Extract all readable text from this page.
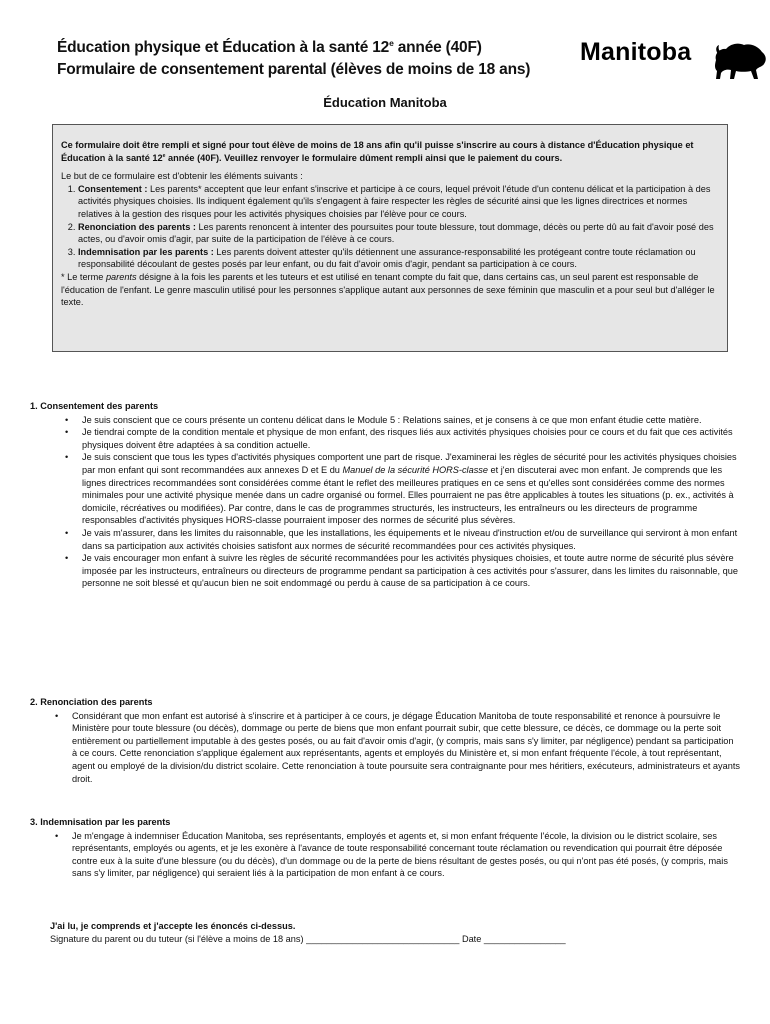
Éducation physique et Éducation à la santé 12e année (40F)
Formulaire de consentement parental (élèves de moins de 18 ans)
Manitoba
Éducation Manitoba
Ce formulaire doit être rempli et signé pour tout élève de moins de 18 ans afin qu'il puisse s'inscrire au cours à distance d'Éducation physique et Éducation à la santé 12e année (40F). Veuillez renvoyer le formulaire dûment rempli ainsi que le paiement du cours.
Le but de ce formulaire est d'obtenir les éléments suivants :
1. Consentement : Les parents* acceptent que leur enfant s'inscrive et participe à ce cours, lequel prévoit l'étude d'un contenu délicat et la participation à des activités physiques choisies. Ils indiquent également qu'ils s'engagent à faire respecter les règles de sécurité ainsi que les lignes directrices et normes relatives à la gestion des risques pour les activités physiques choisies par l'élève pour ce cours.
2. Renonciation des parents : Les parents renoncent à intenter des poursuites pour toute blessure, tout dommage, décès ou perte dû au fait d'avoir posé des actes, ou d'avoir omis d'agir, par suite de la participation de l'élève à ce cours.
3. Indemnisation par les parents : Les parents doivent attester qu'ils détiennent une assurance-responsabilité les protégeant contre toute réclamation ou responsabilité découlant de gestes posés par leur enfant, ou du fait d'avoir omis d'agir, pendant sa participation à ce cours.

* Le terme parents désigne à la fois les parents et les tuteurs et est utilisé en tenant compte du fait que, dans certains cas, un seul parent est responsable de l'éducation de l'enfant. Le genre masculin utilisé pour les personnes s'applique autant aux personnes de sexe féminin que masculin et a pour seul but d'alléger le texte.

1. Consentement des parents
• Je suis conscient que ce cours présente un contenu délicat dans le Module 5 : Relations saines, et je consens à ce que mon enfant étudie cette matière.
• Je tiendrai compte de la condition mentale et physique de mon enfant, des risques liés aux activités physiques choisies pour ce cours et du fait que ces activités physiques doivent être adaptées à sa condition actuelle.
• Je suis conscient que tous les types d'activités physiques comportent une part de risque. J'examinerai les règles de sécurité pour les activités physiques choisies par mon enfant qui sont recommandées aux annexes D et E du Manuel de la sécurité HORS-classe et j'en discuterai avec mon enfant. Je comprends que les lignes directrices recommandées sont considérées comme étant le reflet des meilleures pratiques en ce sens et qu'elles sont considérées comme des normes minimales pour une activité physique menée dans un cadre organisé ou formel. Elles pourraient ne pas être applicables à toutes les situations (p. ex., activités à domicile, récréatives ou modifiées). Par contre, dans le cas de programmes structurés, les instructeurs, les entraîneurs ou les directeurs de programme responsables d'activités physiques HORS-classe pourraient imposer des normes de sécurité plus sévères.
• Je vais m'assurer, dans les limites du raisonnable, que les installations, les équipements et le niveau d'instruction et/ou de surveillance qui serviront à mon enfant dans sa participation aux activités choisies satisfont aux normes de sécurité recommandées pour ces activités physiques.
• Je vais encourager mon enfant à suivre les règles de sécurité recommandées pour les activités physiques choisies, et toute autre norme de sécurité plus sévère imposée par les instructeurs, entraîneurs ou directeurs de programme pendant sa participation à ces activités pour s'assurer, dans les limites du raisonnable, que personne ne soit blessé et qu'aucun bien ne soit endommagé ou perdu à cause de sa participation à ce cours.
2. Renonciation des parents
• Considérant que mon enfant est autorisé à s'inscrire et à participer à ce cours, je dégage Éducation Manitoba de toute responsabilité et renonce à poursuivre le Ministère pour toute blessure (ou décès), dommage ou perte de biens que mon enfant pourrait subir, que cette blessure, ce décès, ce dommage ou la perte soit entièrement ou partiellement imputable à des gestes posés, ou au fait d'avoir omis d'agir, (y compris, mais sans s'y limiter, par négligence) pendant sa participation à ce cours. Cette renonciation s'applique également aux représentants, agents et employés du Ministère et, si mon enfant fréquente l'école, à tout représentant, agent ou employé de la division/du district scolaire. Cette renonciation à toute poursuite sera contraignante pour mes héritiers, exécuteurs, administrateurs et ayants droit.
3. Indemnisation par les parents
• Je m'engage à indemniser Éducation Manitoba, ses représentants, employés et agents et, si mon enfant fréquente l'école, la division ou le district scolaire, ses représentants, employés ou agents, et je les exonère à l'avance de toute responsabilité concernant toute réclamation ou revendication qui pourrait être déposée contre eux à la suite d'une blessure (ou du décès), d'un dommage ou de la perte de biens résultant de gestes posés, ou qui n'ont pas été posés, (y compris, mais sans s'y limiter, par négligence) qui seraient liés à la participation de mon enfant à ce cours.
J'ai lu, je comprends et j'accepte les énoncés ci-dessus.
Signature du parent ou du tuteur (si l'élève a moins de 18 ans) ______________________________ Date ________________
